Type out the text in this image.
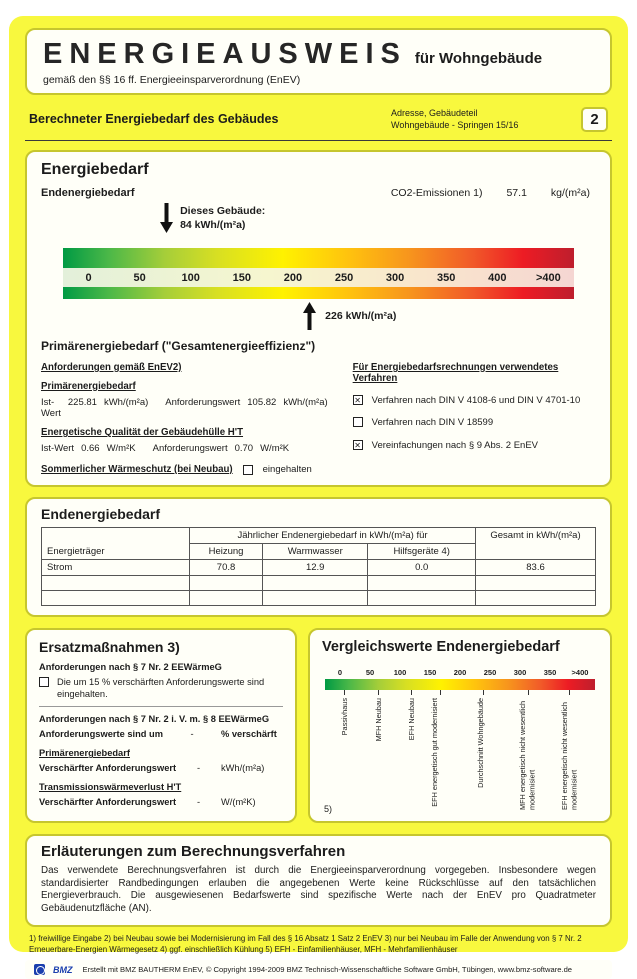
ENERGIEAUSWEIS für Wohngebäude
gemäß den §§ 16 ff. Energieeinsparverordnung (EnEV)
Berechneter Energiebedarf des Gebäudes	Adresse, Gebäudeteil
Wohngebäude - Springen 15/16	2
Energiebedarf
Endenergiebedarf	CO2-Emissionen 1) 57.1 kg/(m²a)
Dieses Gebäude:
84 kWh/(m²a)
0	50	100	150	200	250	300	350	400	>400
226 kWh/(m²a)
Primärenergiebedarf ("Gesamtenergieeffizienz")
Anforderungen gemäß EnEV2)
Primärenergiebedarf
Ist-Wert
225.81 kWh/(m²a) Anforderungswert 105.82 kWh/(m²a)
Energetische Qualität der Gebäudehülle H'T
Ist-Wert 0.66 W/m²K Anforderungswert 0.70 W/m²K
Sommerlicher Wärmeschutz (bei Neubau)	eingehalten
Für Energiebedarfsrechnungen verwendetes Verfahren
✕ Verfahren nach DIN V 4108-6 und DIN V 4701-10
Verfahren nach DIN V 18599
✕ Vereinfachungen nach § 9 Abs. 2 EnEV
Endenergiebedarf
Energieträger	Jährlicher Endenergiebedarf in kWh/(m²a) für			Gesamt in kWh/(m²a)
	Heizung	Warmwasser	Hilfsgeräte 4)	
Strom	70.8	12.9	0.0	83.6

Ersatzmaßnahmen 3)
Anforderungen nach § 7 Nr. 2 EEWärmeG
Die um 15 % verschärften Anforderungswerte sind eingehalten.
Anforderungen nach § 7 Nr. 2 i. V. m. § 8 EEWärmeG
Anforderungswerte sind um	-	% verschärft
Primärenergiebedarf
Verschärfter Anforderungswert - kWh/(m²a)
Transmissionswärmeverlust H'T
Verschärfter Anforderungswert - W/(m²K)
Vergleichswerte Endenergiebedarf
0	50	100	150	200	250	300	350	>400
Passivhaus	MFH Neubau	EFH Neubau EFH energetisch gut modernisiert	Durchschnitt Wohngebäude	MFH energetisch nicht wesentlich modernisiert	EFH energetisch nicht wesentlich modernisiert
5)
Erläuterungen zum Berechnungsverfahren
Das verwendete Berechnungsverfahren ist durch die Energieeinsparverordnung vorgegeben. Insbesondere wegen standardisierter Randbedingungen erlauben die angegebenen Werte keine Rückschlüsse auf den tatsächlichen Energieverbrauch. Die ausgewiesenen Bedarfswerte sind spezifische Werte nach der EnEV pro Quadratmeter Gebäudenutzfläche (AN).
1) freiwillige Eingabe 2) bei Neubau sowie bei Modernisierung im Fall des § 16 Absatz 1 Satz 2 EnEV 3) nur bei Neubau im Falle der Anwendung von § 7 Nr. 2 Erneuerbare-Energien Wärmegesetz 4) ggf. einschließlich Kühlung 5) EFH - Einfamilienhäuser, MFH - Mehrfamilienhäuser
BMZ Erstellt mit BMZ BAUTHERM EnEV, © Copyright 1994-2009 BMZ Technisch-Wissenschaftliche Software GmbH, Tübingen, www.bmz-software.de
